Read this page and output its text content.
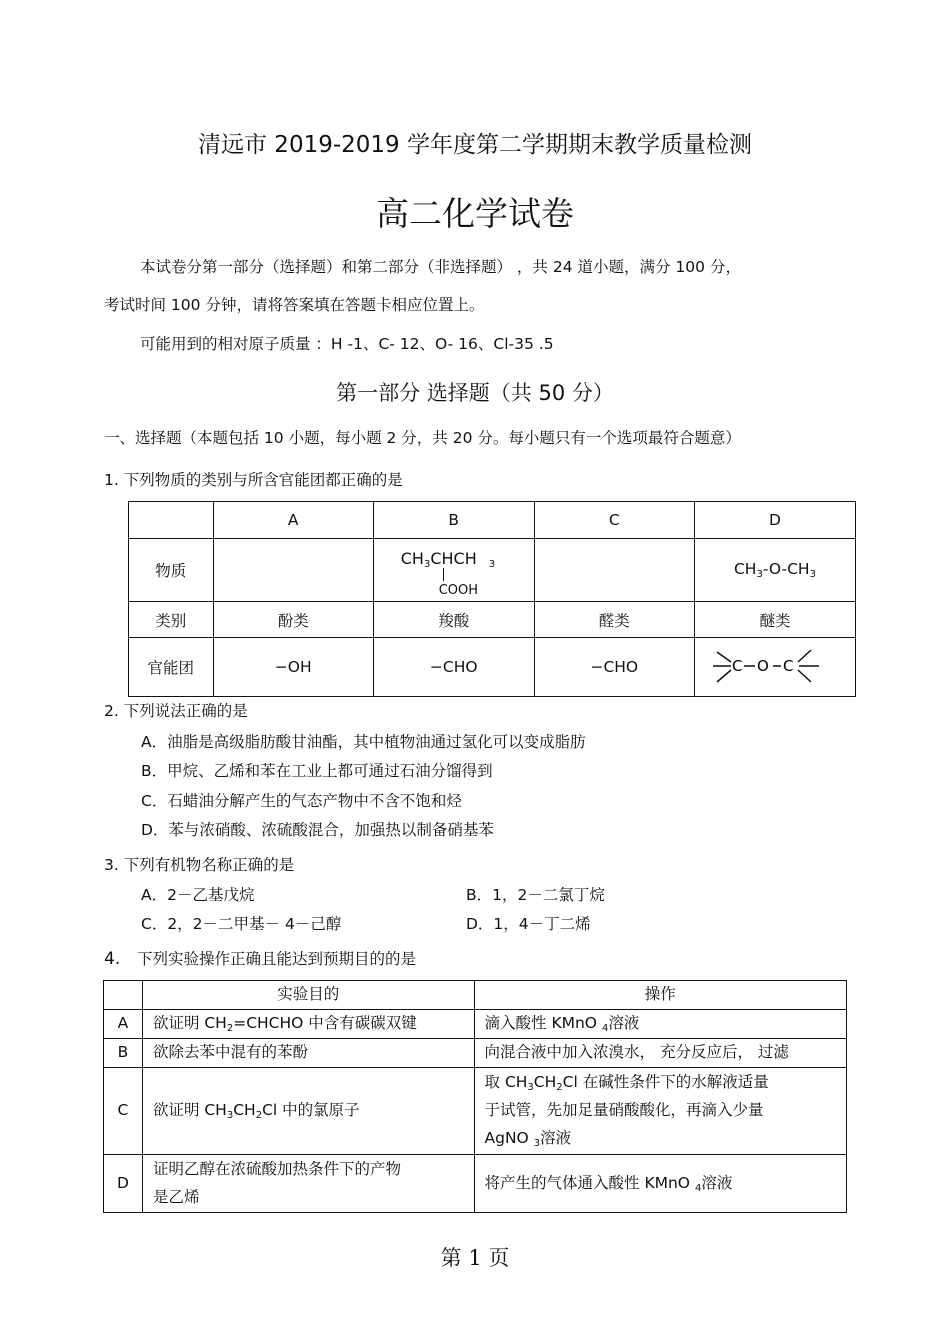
清远市 2019-2019 学年度第二学期期末教学质量检测
高二化学试卷
本试卷分第一部分（选择题）和第二部分（非选择题） ，共 24 道小题，满分 100 分，
考试时间 100 分钟，请将答案填在答题卡相应位置上。
可能用到的相对原子质量 ：H -1、C- 12、O- 16、Cl-35 .5
第一部分 选择题（共 50 分）
一、选择题（本题包括 10 小题，每小题 2 分，共 20 分。每小题只有一个选项最符合题意）
1. 下列物质的类别与所含官能团都正确的是
	A	B	C	D
物质		$CH_3CHCH$ $_3$
COOH		$CH_3-O-CH_3$
类别	酚类	羧酸	醛类	醚类
官能团	−OH	−CHO	−CHO	C O C
2. 下列说法正确的是
A．油脂是高级脂肪酸甘油酯，其中植物油通过氢化可以变成脂肪
B．甲烷、乙烯和苯在工业上都可通过石油分馏得到
C．石蜡油分解产生的气态产物中不含不饱和烃
D．苯与浓硝酸、浓硫酸混合，加强热以制备硝基苯
3. 下列有机物名称正确的是
A．2－乙基戊烷	B．1，2－二氯丁烷
C．2，2－二甲基－ 4－己醇	D．1，4－丁二烯
4. 下列实验操作正确且能达到预期目的的是
	实验目的	操作
A	欲证明 $CH_2=CHCHO$ 中含有碳碳双键	滴入酸性 KMnO $_4$溶液
B	欲除去苯中混有的苯酚	向混合液中加入浓溴水， 充分反应后， 过滤
C	欲证明 $CH_3CH_2Cl$ 中的氯原子	取 $CH_3CH_2Cl$ 在碱性条件下的水解液适量
于试管，先加足量硝酸酸化，再滴入少量
AgNO $_3$溶液

D	证明乙醇在浓硫酸加热条件下的产物
是乙烯	将产生的气体通入酸性 KMnO $_4$溶液
第 1 页
